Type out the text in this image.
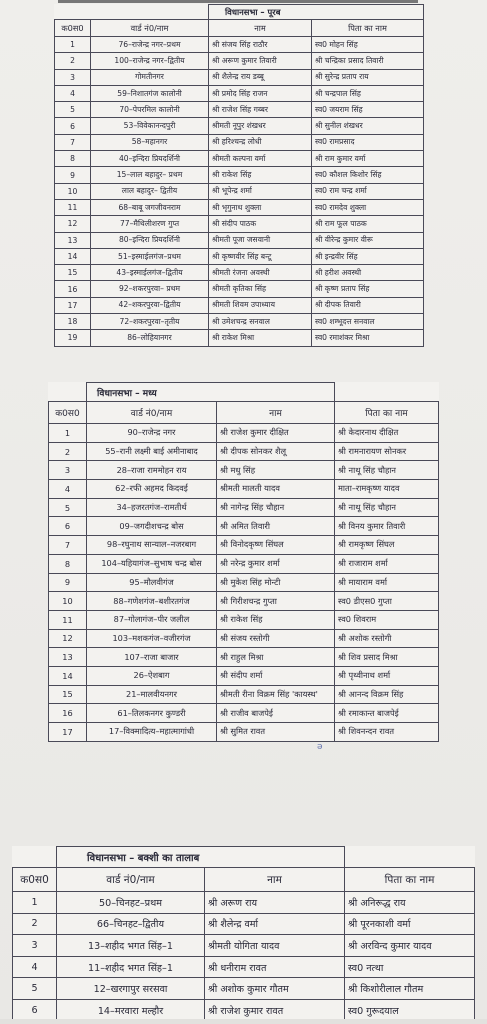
		विधानसभा – पूरब	
क0स0	वार्ड नं0/नाम	नाम	पिता का नाम
1	76–राजेन्द्र नगर–प्रथम	श्री संजय सिंह राठौर	स्व0 मोहन सिंह
2	100–राजेन्द्र नगर–द्वितीय	श्री अरूण कुमार तिवारी	श्री चन्द्रिका प्रसाद तिवारी
3	गोमतीनगर	श्री शैलेन्द्र राय डब्बू	श्री सुरेन्द्र प्रताप राय
4	59–निशातगंज कालोनी	श्री प्रमोद सिंह राजन	श्री चन्द्रपाल सिंह
5	70–पेपरमिल कालोनी	श्री राजेश सिंह गब्बर	स्व0 जयराम सिंह
6	53–विवेकानन्दपुरी	श्रीमती नूपुर शंखधर	श्री सुनील शंखधर
7	58–महानगर	श्री हरिश्चन्द्र लोधी	स्व0 रामप्रसाद
8	40–इन्दिरा प्रियदर्शिनी	श्रीमती कल्पना वर्मा	श्री राम कुमार वर्मा
9	15–लाल बहादुर– प्रथम	श्री राकेश सिंह	स्व0 कौशल किशोर सिंह
10	लाल बहादुर– द्वितीय	श्री भूपेन्द्र शर्मा	स्व0 राम चन्द्र शर्मा
11	68–बाबू जगजीवनराम	श्री भृगुनाथ शुक्ला	स्व0 रामदेव शुक्ला
12	77–मैथिलीशरण गुप्त	श्री संदीप पाठक	श्री राम फूल पाठक
13	80–इन्दिरा प्रियदर्शिनी	श्रीमती पूजा जसवानी	श्री वीरेन्द्र कुमार वीरू
14	51–इस्माईलगंज–प्रथम	श्री कृष्णवीर सिंह बन्टू	श्री इन्द्रवीर सिंह
15	43–इस्माईलगंज–द्वितीय	श्रीमती रंजना अवस्थी	श्री हरीश अवस्थी
16	92–शकरपुरवा– प्रथम	श्रीमती कृतिका सिंह	श्री कृष्ण प्रताप सिंह
17	42–शकरपुरवा–द्वितीय	श्रीमती शिवम उपाध्याय	श्री दीपक तिवारी
18	72–शकरपुरवा–तृतीय	श्री उमेशचन्द्र सनवाल	स्व0 शम्भूदत्त सनवाल
19	86–लोहियानगर	श्री राकेश मिश्रा	स्व0 रमाशंकर मिश्रा
	विधानसभा – मध्य		
क0स0	वार्ड नं0/नाम	नाम	पिता का नाम
1	90–राजेन्द्र नगर	श्री राजेश कुमार दीक्षित	श्री केदारनाथ दीक्षित
2	55–रानी लक्ष्मी बाई अमीनाबाद	श्री दीपक सोनकर शैलू	श्री रामनारायण सोनकर
3	28–राजा राममोहन राय	श्री मधु सिंह	श्री नाथू सिंह चौहान
4	62–रफी अहमद किदवई	श्रीमती मालती यादव	माता–रामकृष्ण यादव
5	34–हजरतगंज–रामतीर्थ	श्री नागेन्द्र सिंह चौहान	श्री नाथू सिंह चौहान
6	09–जगदीशचन्द्र बोस	श्री अमित तिवारी	श्री विनय कुमार तिवारी
7	98–रघुनाथ सान्याल–नजरबाग	श्री विनोदकृष्ण सिंघल	श्री रामकृष्ण सिंघल
8	104–यहियागंज–सुभाष चन्द्र बोस	श्री नरेन्द्र कुमार शर्मा	श्री राजाराम शर्मा
9	95–मौलवीगंज	श्री मुकेश सिंह मोन्टी	श्री मायाराम वर्मा
10	88–गणेशगंज–बशीरतगंज	श्री गिरीशचन्द्र गुप्ता	स्व0 डीएस0 गुप्ता
11	87–गोलागंज–पीर जलील	श्री राकेश सिंह	स्व0 शिवराम
12	103–मशकगंज–वजीरगंज	श्री संजय रस्तोगी	श्री अशोक रस्तोगी
13	107–राजा बाजार	श्री राहुल मिश्रा	श्री शिव प्रसाद मिश्रा
14	26–ऐशबाग	श्री संदीप शर्मा	श्री पृथ्वीनाथ शर्मा
15	21–मालवीयनगर	श्रीमती रीना विक्रम सिंह 'कायस्थ'	श्री आनन्द विक्रम सिंह
16	61–तिलकनगर कुण्डरी	श्री राजीव बाजपेई	श्री रमाकान्त बाजपेई
17	17–विक्मादित्य–महात्मागांधी	श्री सुमित रावत	श्री शिवनन्दन रावत
ǝ
	विधानसभा – बक्शी का तालाब		
क0स0	वार्ड नं0/नाम	नाम	पिता का नाम
1	50–चिनहट–प्रथम	श्री अरूण राय	श्री अनिरूद्ध राय
2	66–चिनहट–द्वितीय	श्री शैलेन्द्र वर्मा	श्री पूरनकाशी वर्मा
3	13–शहीद भगत सिंह–1	श्रीमती योगिता यादव	श्री अरविन्द कुमार यादव
4	11–शहीद भगत सिंह–1	श्री धनीराम रावत	स्व0 नत्था
5	12–खरगापुर सरसवा	श्री अशोक कुमार गौतम	श्री किशोरीलाल गौतम
6	14–मरवारा मल्हौर	श्री राजेश कुमार रावत	स्व0 गुरूदयाल
